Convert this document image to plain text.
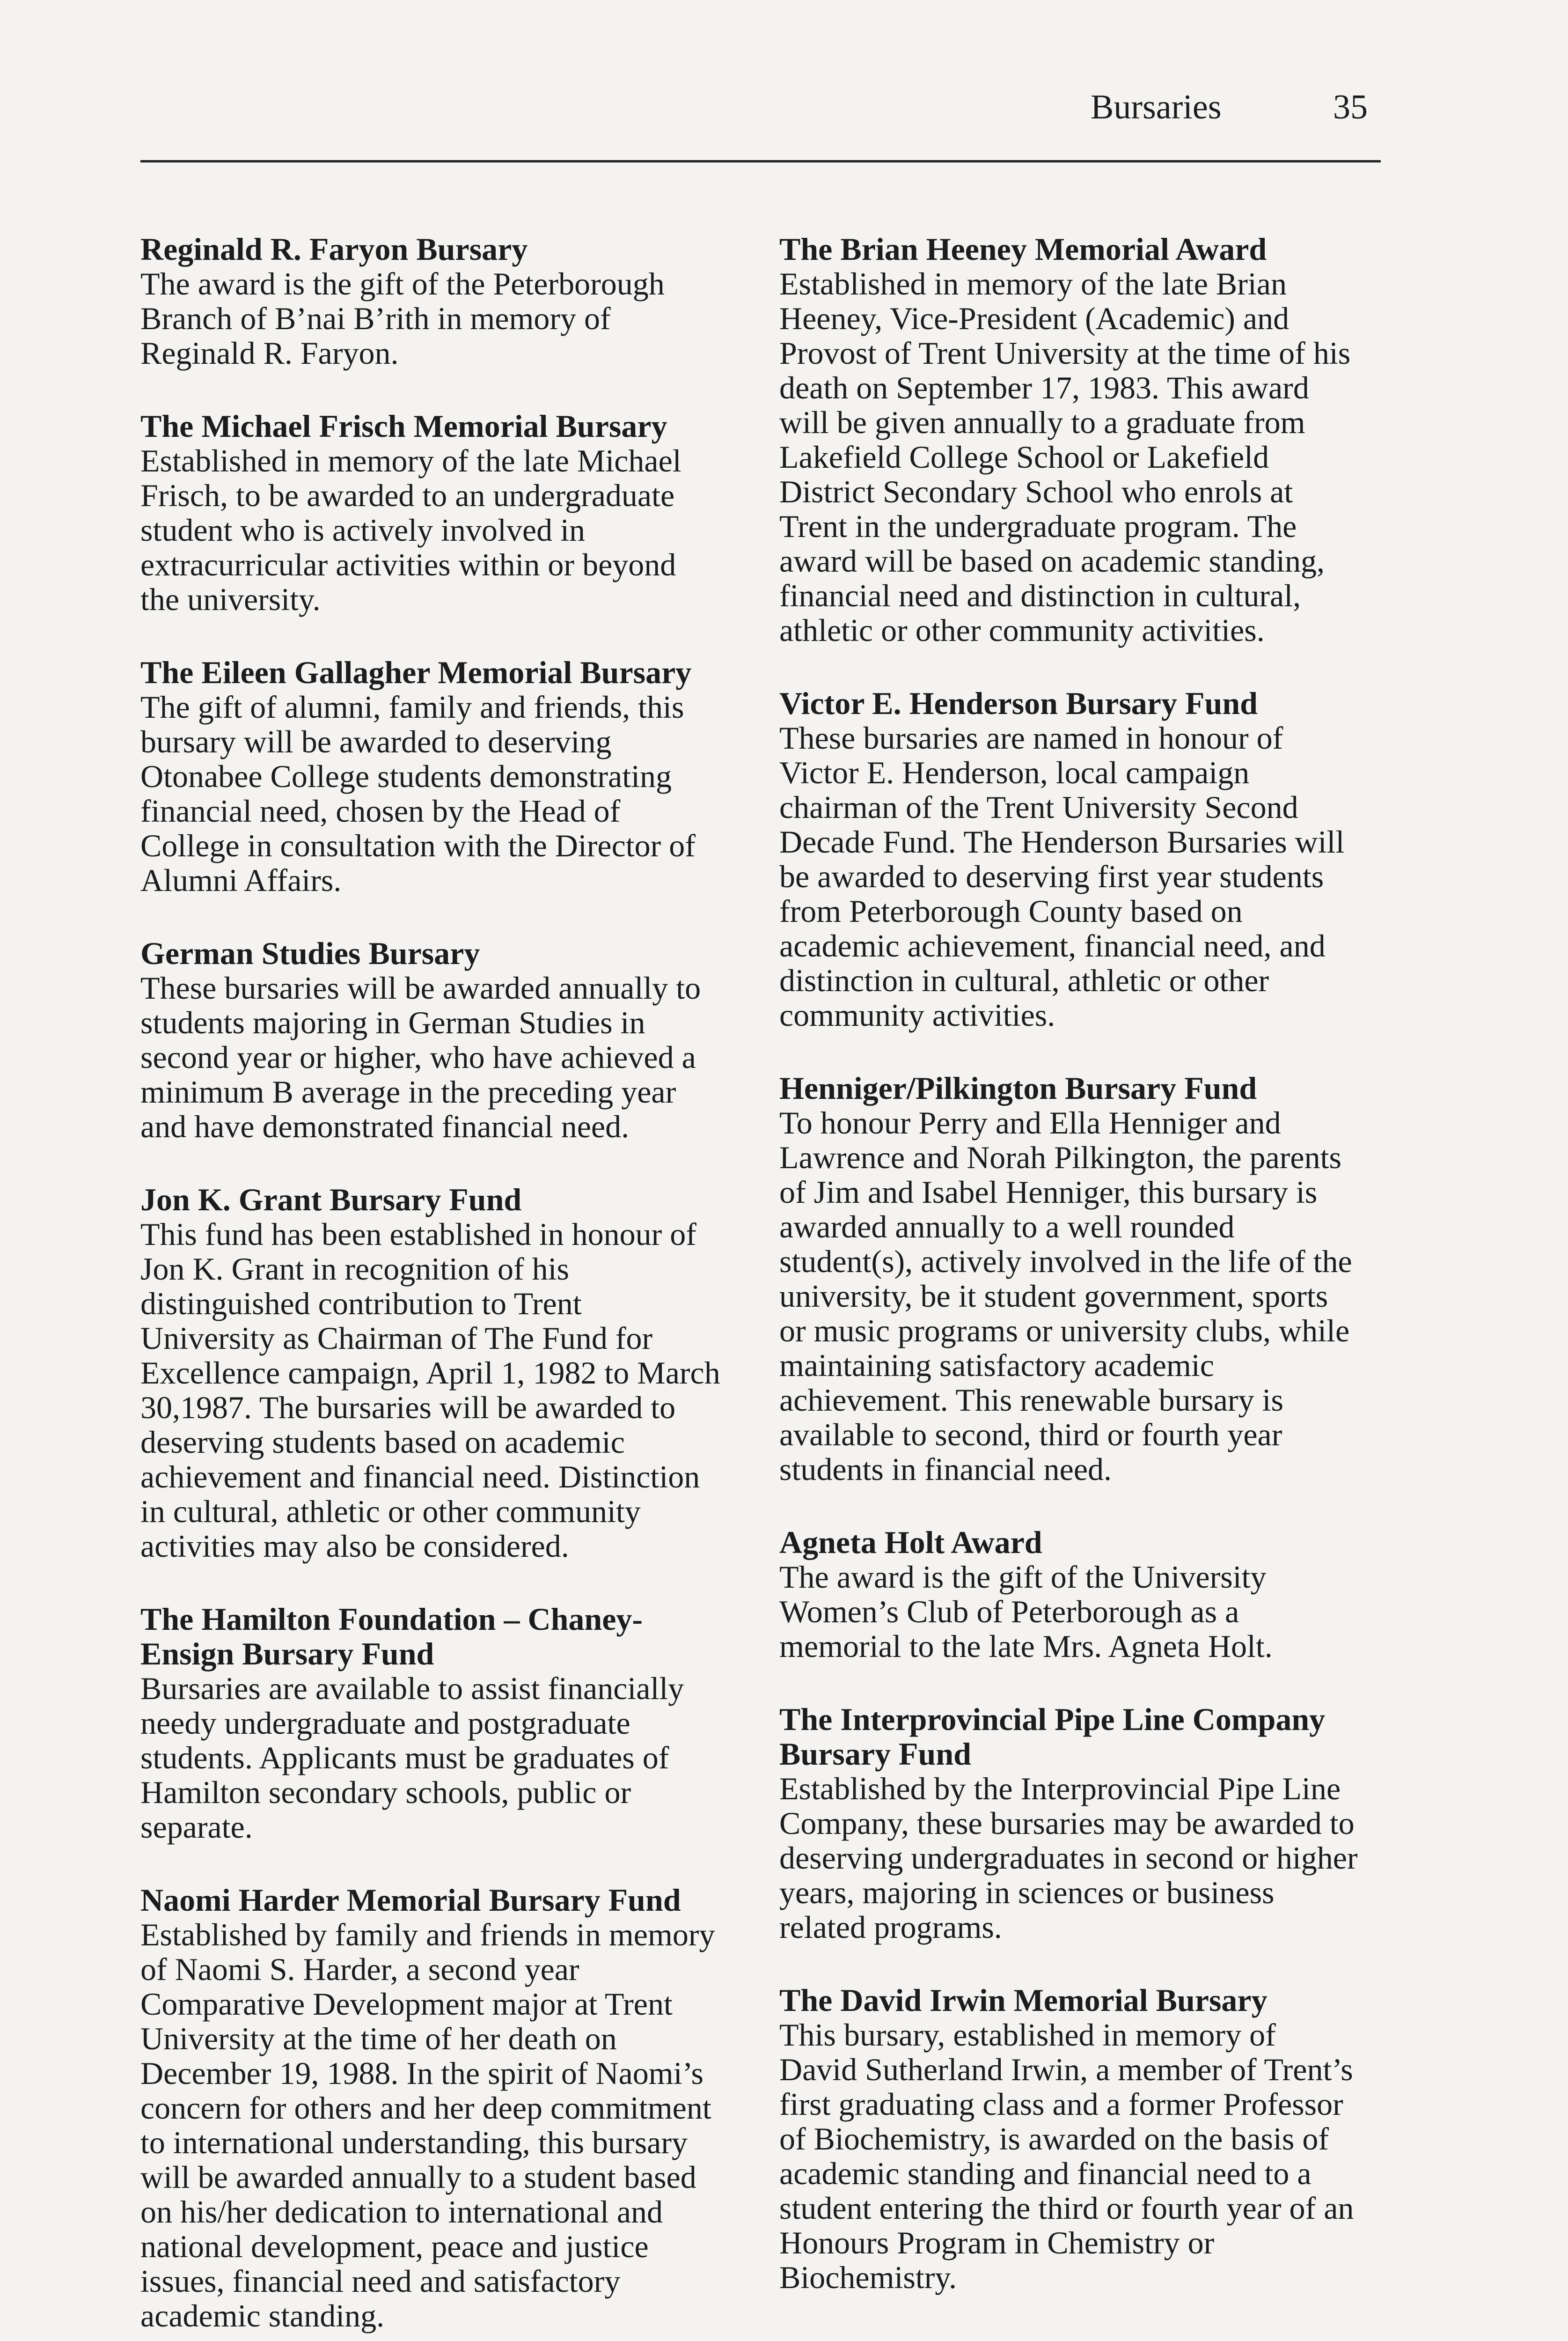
Bursaries	35

Reginald R. Faryon Bursary

The award is the gift of the Peterborough Branch of B’nai B’rith in memory of Reginald R. Faryon.

The Michael Frisch Memorial Bursary

Established in memory of the late Michael Frisch, to be awarded to an undergraduate student who is actively involved in extracurricular activities within or beyond the university.

The Eileen Gallagher Memorial Bursary

The gift of alumni, family and friends, this bursary will be awarded to deserving Otonabee College students demonstrating financial need, chosen by the Head of College in consultation with the Director of Alumni Affairs.

German Studies Bursary

These bursaries will be awarded annually to students majoring in German Studies in second year or higher, who have achieved a minimum B average in the preceding year and have demonstrated financial need.

Jon K. Grant Bursary Fund

This fund has been established in honour of Jon K. Grant in recognition of his distinguished contribution to Trent University as Chairman of The Fund for Excellence campaign, April 1, 1982 to March 30,1987. The bursaries will be awarded to deserving students based on academic achievement and financial need. Distinction in cultural, athletic or other community activities may also be considered.

The Hamilton Foundation – Chaney-Ensign Bursary Fund

Bursaries are available to assist financially needy undergraduate and postgraduate students. Applicants must be graduates of Hamilton secondary schools, public or separate.

Naomi Harder Memorial Bursary Fund

Established by family and friends in memory of Naomi S. Harder, a second year Comparative Development major at Trent University at the time of her death on December 19, 1988. In the spirit of Naomi’s concern for others and her deep commitment to international understanding, this bursary will be awarded annually to a student based on his/her dedication to international and national development, peace and justice issues, financial need and satisfactory academic standing.

The Brian Heeney Memorial Award

Established in memory of the late Brian Heeney, Vice-President (Academic) and Provost of Trent University at the time of his death on September 17, 1983. This award will be given annually to a graduate from Lakefield College School or Lakefield District Secondary School who enrols at Trent in the undergraduate program. The award will be based on academic standing, financial need and distinction in cultural, athletic or other community activities.

Victor E. Henderson Bursary Fund

These bursaries are named in honour of Victor E. Henderson, local campaign chairman of the Trent University Second Decade Fund. The Henderson Bursaries will be awarded to deserving first year students from Peterborough County based on academic achievement, financial need, and distinction in cultural, athletic or other community activities.

Henniger/Pilkington Bursary Fund

To honour Perry and Ella Henniger and Lawrence and Norah Pilkington, the parents of Jim and Isabel Henniger, this bursary is awarded annually to a well rounded student(s), actively involved in the life of the university, be it student government, sports or music programs or university clubs, while maintaining satisfactory academic achievement. This renewable bursary is available to second, third or fourth year students in financial need.

Agneta Holt Award

The award is the gift of the University Women’s Club of Peterborough as a memorial to the late Mrs. Agneta Holt.

The Interprovincial Pipe Line Company Bursary Fund

Established by the Interprovincial Pipe Line Company, these bursaries may be awarded to deserving undergraduates in second or higher years, majoring in sciences or business related programs.

The David Irwin Memorial Bursary

This bursary, established in memory of David Sutherland Irwin, a member of Trent’s first graduating class and a former Professor of Biochemistry, is awarded on the basis of academic standing and financial need to a student entering the third or fourth year of an Honours Program in Chemistry or Biochemistry.
